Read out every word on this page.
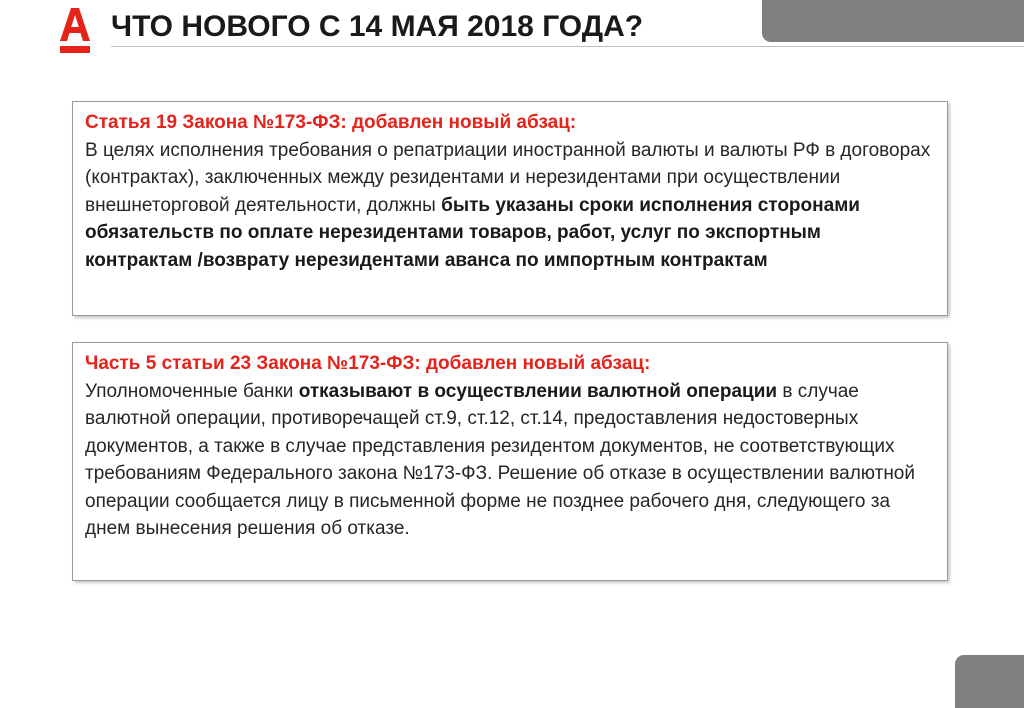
ЧТО НОВОГО С 14 МАЯ 2018 ГОДА?
Статья 19 Закона №173-ФЗ: добавлен новый абзац:
В целях исполнения требования о репатриации иностранной валюты и валюты РФ в договорах (контрактах), заключенных между резидентами и нерезидентами при осуществлении внешнеторговой деятельности, должны быть указаны сроки исполнения сторонами обязательств по оплате нерезидентами товаров, работ, услуг по экспортным контрактам /возврату нерезидентами аванса по импортным контрактам
Часть 5 статьи 23 Закона №173-ФЗ: добавлен новый абзац:
Уполномоченные банки отказывают в осуществлении валютной операции в случае валютной операции, противоречащей ст.9, ст.12, ст.14, предоставления недостоверных документов, а также в случае представления резидентом документов, не соответствующих требованиям Федерального закона №173-ФЗ. Решение об отказе в осуществлении валютной операции сообщается лицу в письменной форме не позднее рабочего дня, следующего за днем вынесения решения об отказе.
